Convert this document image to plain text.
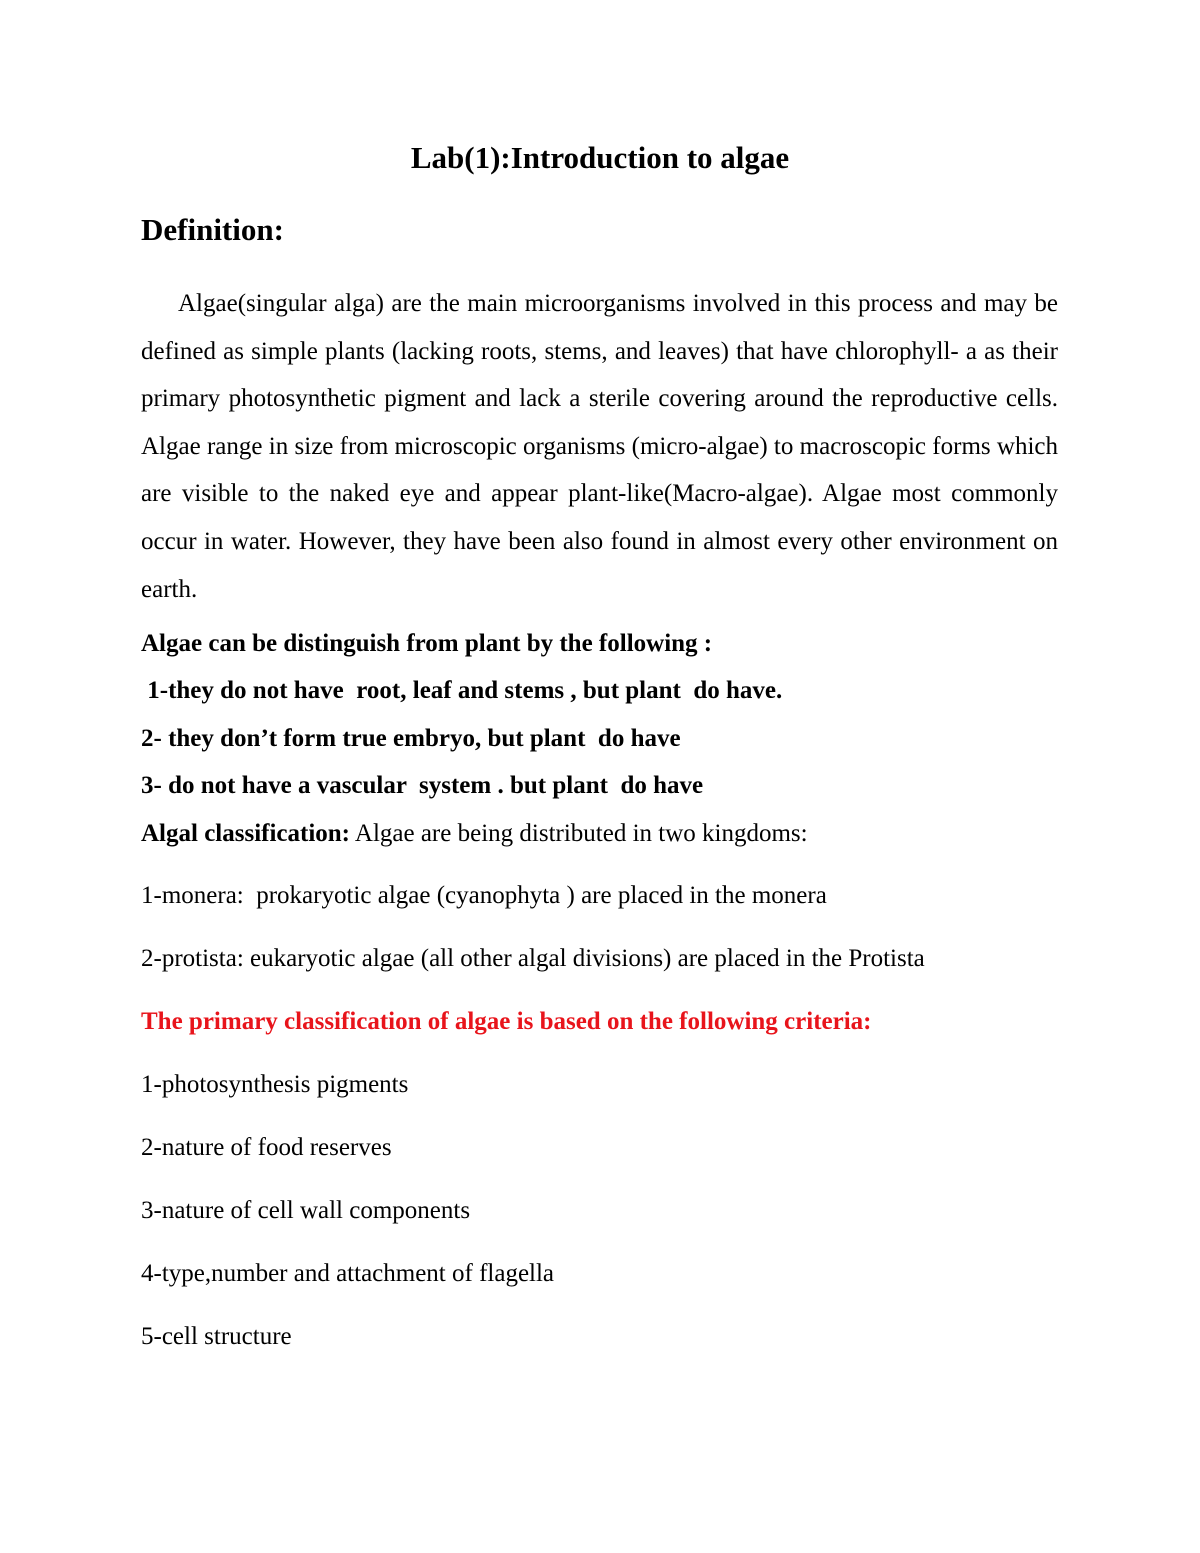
Lab(1):Introduction to algae
Definition:

Algae(singular alga) are the main microorganisms involved in this process and may be defined as simple plants (lacking roots, stems, and leaves) that have chlorophyll- a as their primary photosynthetic pigment and lack a sterile covering around the reproductive cells. Algae range in size from microscopic organisms (micro-algae) to macroscopic forms which are visible to the naked eye and appear plant-like(Macro-algae). Algae most commonly occur in water. However, they have been also found in almost every other environment on earth.

Algae can be distinguish from plant by the following :

1-they do not have  root, leaf and stems , but plant  do have.

2- they don’t form true embryo, but plant  do have

3- do not have a vascular  system . but plant  do have

Algal classification: Algae are being distributed in two kingdoms:

1-monera:  prokaryotic algae (cyanophyta ) are placed in the monera

2-protista: eukaryotic algae (all other algal divisions) are placed in the Protista

The primary classification of algae is based on the following criteria:

1-photosynthesis pigments

2-nature of food reserves

3-nature of cell wall components

4-type,number and attachment of flagella

5-cell structure
